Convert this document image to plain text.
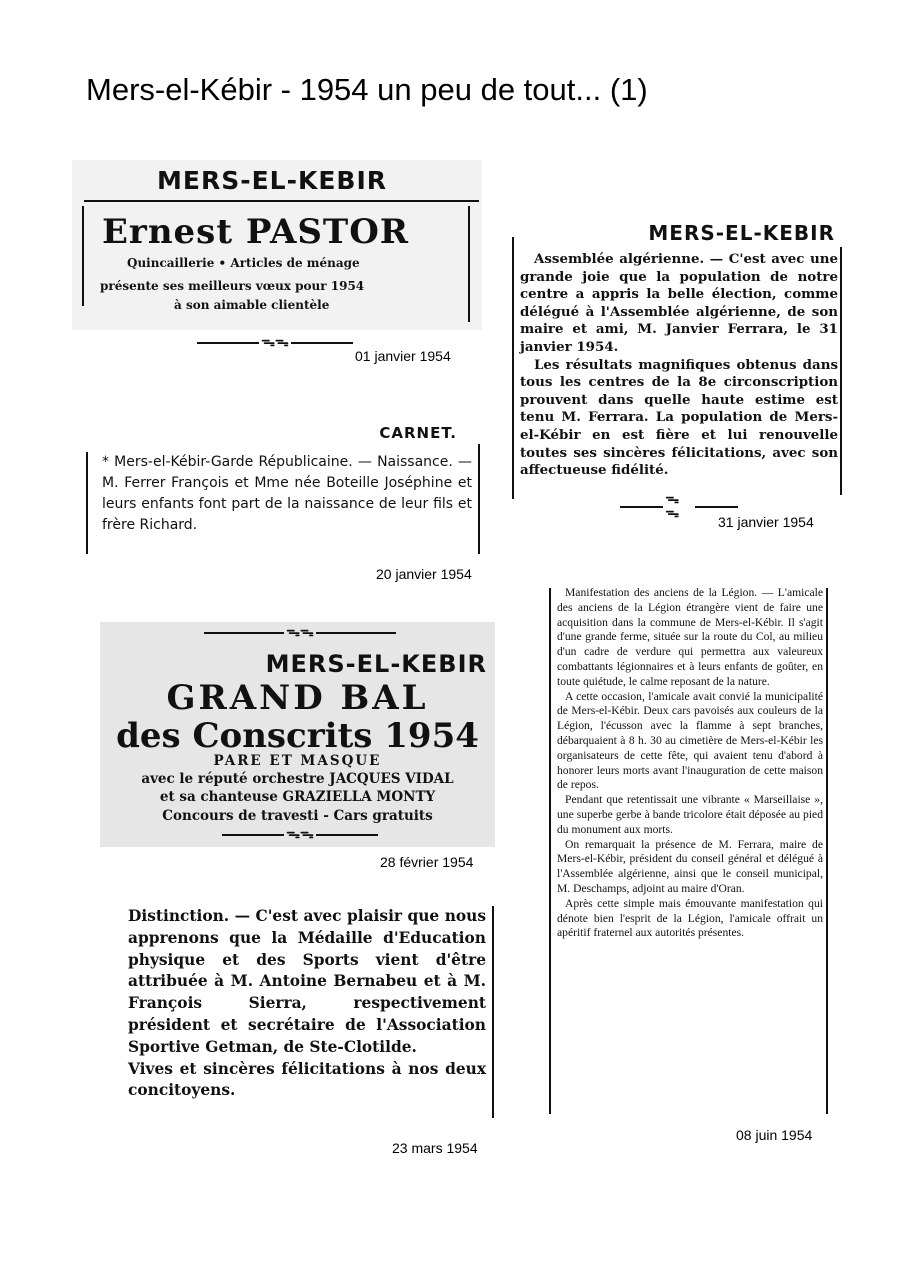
Mers-el-Kébir - 1954 un peu de tout... (1)
MERS-EL-KEBIR
Ernest PASTOR
Quincaillerie • Articles de ménage
présente ses meilleurs vœux pour 1954
à son aimable clientèle
ᯓᯓ
01 janvier 1954
CARNET.

* Mers-el-Kébir-Garde Républicaine. — Naissance. — M. Ferrer François et Mme née Boteille Joséphine et leurs enfants font part de la naissance de leur fils et frère Richard.

20 janvier 1954
MERS-EL-KEBIR

Assemblée algérienne. — C'est avec une grande joie que la population de notre centre a appris la belle élection, comme délégué à l'Assemblée algérienne, de son maire et ami, M. Janvier Ferrara, le 31 janvier 1954.

Les résultats magnifiques obtenus dans tous les centres de la 8e circonscription prouvent dans quelle haute estime est tenu M. Ferrara. La population de Mers-el-Kébir en est fière et lui renouvelle toutes ses sincères félicitations, avec son affectueuse fidélité.

ᯓᯓ
31 janvier 1954
ᯓᯓ
MERS-EL-KEBIR
GRAND BAL
des Conscrits 1954
PARE ET MASQUE
avec le réputé orchestre JACQUES VIDAL
et sa chanteuse GRAZIELLA MONTY
Concours de travesti - Cars gratuits
ᯓᯓ
28 février 1954

Distinction. — C'est avec plaisir que nous apprenons que la Médaille d'Education physique et des Sports vient d'être attribuée à M. Antoine Bernabeu et à M. François Sierra, respectivement président et secrétaire de l'Association Sportive Getman, de Ste-Clotilde.

Vives et sincères félicitations à nos deux concitoyens.

23 mars 1954

Manifestation des anciens de la Légion. — L'amicale des anciens de la Légion étrangère vient de faire une acquisition dans la commune de Mers-el-Kébir. Il s'agit d'une grande ferme, située sur la route du Col, au milieu d'un cadre de verdure qui permettra aux valeureux combattants légionnaires et à leurs enfants de goûter, en toute quiétude, le calme reposant de la nature.

A cette occasion, l'amicale avait convié la municipalité de Mers-el-Kébir. Deux cars pavoisés aux couleurs de la Légion, l'écusson avec la flamme à sept branches, débarquaient à 8 h. 30 au cimetière de Mers-el-Kébir les organisateurs de cette fête, qui avaient tenu d'abord à honorer leurs morts avant l'inauguration de cette maison de repos.

Pendant que retentissait une vibrante « Marseillaise », une superbe gerbe à bande tricolore était déposée au pied du monument aux morts.

On remarquait la présence de M. Ferrara, maire de Mers-el-Kébir, président du conseil général et délégué à l'Assemblée algérienne, ainsi que le conseil municipal, M. Deschamps, adjoint au maire d'Oran.

Après cette simple mais émouvante manifestation qui dénote bien l'esprit de la Légion, l'amicale offrait un apéritif fraternel aux autorités présentes.

08 juin 1954
